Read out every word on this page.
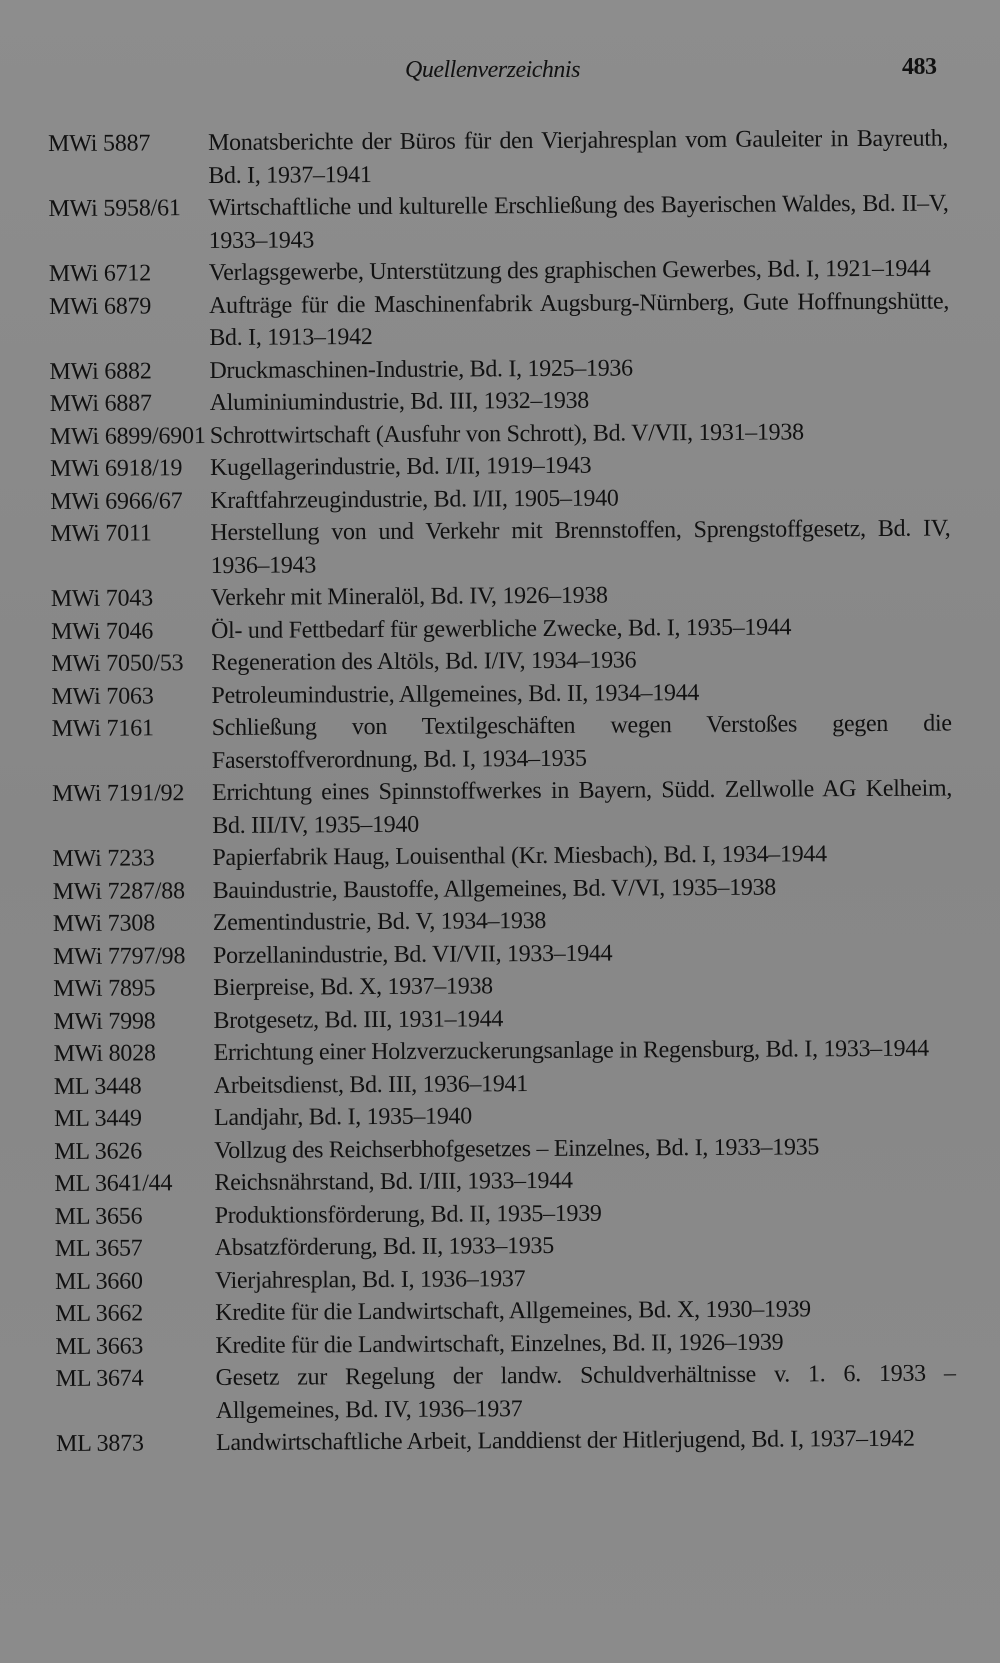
Quellenverzeichnis	483
MWi 5887	Monatsberichte der Büros für den Vierjahresplan vom Gauleiter in Bayreuth, Bd. I, 1937–1941
MWi 5958/61	Wirtschaftliche und kulturelle Erschließung des Bayerischen Waldes, Bd. II–V, 1933–1943
MWi 6712	Verlagsgewerbe, Unterstützung des graphischen Gewerbes, Bd. I, 1921–1944
MWi 6879	Aufträge für die Maschinenfabrik Augsburg-Nürnberg, Gute Hoffnungshütte, Bd. I, 1913–1942
MWi 6882	Druckmaschinen-Industrie, Bd. I, 1925–1936
MWi 6887	Aluminiumindustrie, Bd. III, 1932–1938
MWi 6899/6901 Schrottwirtschaft (Ausfuhr von Schrott), Bd. V/VII, 1931–1938
MWi 6918/19	Kugellagerindustrie, Bd. I/II, 1919–1943
MWi 6966/67	Kraftfahrzeugindustrie, Bd. I/II, 1905–1940
MWi 7011	Herstellung von und Verkehr mit Brennstoffen, Sprengstoffgesetz, Bd. IV, 1936–1943
MWi 7043	Verkehr mit Mineralöl, Bd. IV, 1926–1938
MWi 7046	Öl- und Fettbedarf für gewerbliche Zwecke, Bd. I, 1935–1944
MWi 7050/53	Regeneration des Altöls, Bd. I/IV, 1934–1936
MWi 7063	Petroleumindustrie, Allgemeines, Bd. II, 1934–1944
MWi 7161	Schließung von Textilgeschäften wegen Verstoßes gegen die Faserstoffverordnung, Bd. I, 1934–1935
MWi 7191/92	Errichtung eines Spinnstoffwerkes in Bayern, Südd. Zellwolle AG Kelheim, Bd. III/IV, 1935–1940
MWi 7233	Papierfabrik Haug, Louisenthal (Kr. Miesbach), Bd. I, 1934–1944
MWi 7287/88	Bauindustrie, Baustoffe, Allgemeines, Bd. V/VI, 1935–1938
MWi 7308	Zementindustrie, Bd. V, 1934–1938
MWi 7797/98	Porzellanindustrie, Bd. VI/VII, 1933–1944
MWi 7895	Bierpreise, Bd. X, 1937–1938
MWi 7998	Brotgesetz, Bd. III, 1931–1944
MWi 8028	Errichtung einer Holzverzuckerungsanlage in Regensburg, Bd. I, 1933–1944
ML 3448	Arbeitsdienst, Bd. III, 1936–1941
ML 3449	Landjahr, Bd. I, 1935–1940
ML 3626	Vollzug des Reichserbhofgesetzes – Einzelnes, Bd. I, 1933–1935
ML 3641/44	Reichsnährstand, Bd. I/III, 1933–1944
ML 3656	Produktionsförderung, Bd. II, 1935–1939
ML 3657	Absatzförderung, Bd. II, 1933–1935
ML 3660	Vierjahresplan, Bd. I, 1936–1937
ML 3662	Kredite für die Landwirtschaft, Allgemeines, Bd. X, 1930–1939
ML 3663	Kredite für die Landwirtschaft, Einzelnes, Bd. II, 1926–1939
ML 3674	Gesetz zur Regelung der landw. Schuldverhältnisse v. 1. 6. 1933 – Allgemeines, Bd. IV, 1936–1937
ML 3873	Landwirtschaftliche Arbeit, Landdienst der Hitlerjugend, Bd. I, 1937–1942
